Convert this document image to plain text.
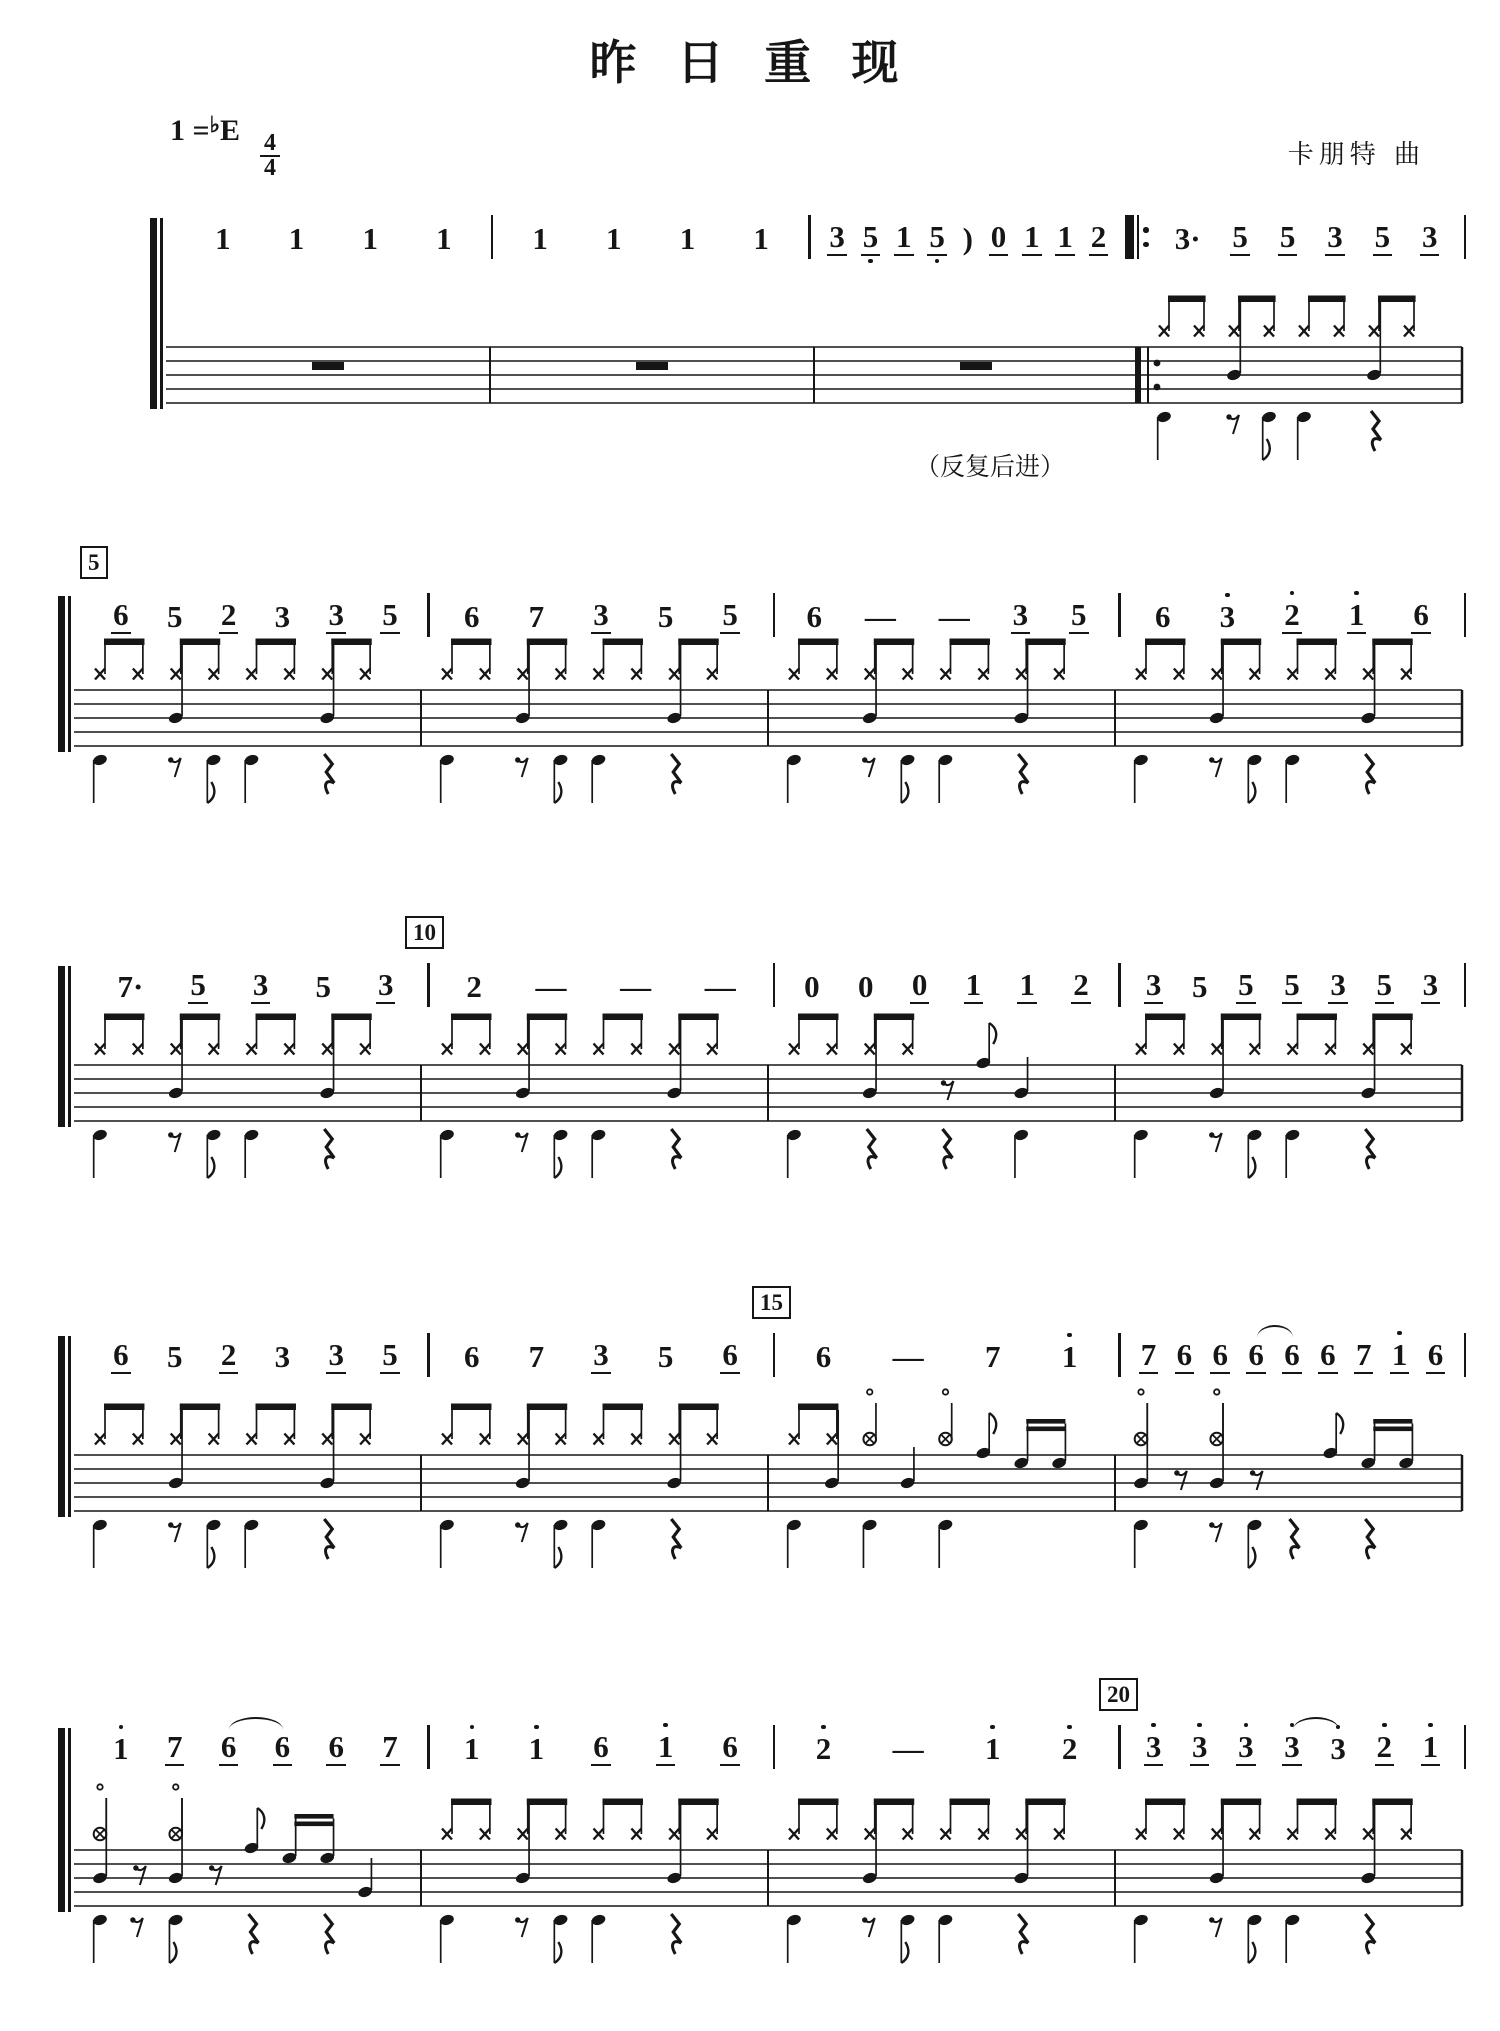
昨 日 重 现
1 =♭E
$\frac{4}{4}$	卡朋特 曲
1 1 1 1	1 1 1 1 3 5 1 5 ) 0 1 1 2 3· 5 5 3 5 3
（反复后进）
5
6 5 2 3 3 5 6 7 3 5 5 6 — — 3 5 6 3 2 1 6
10
7· 5 3 5 3 2 — — — 0 0 0 1 1 2 3 5 5 5 3 5 3
15
6 5 2 3 3 5 6 7 3 5 6	6 — 7 1 7 6 6 6 6 6 7 1 6
20
1 7 6 6 6 7 1 1 6 1 6	2 — 1 2 3 3 3 3 3 2 1
